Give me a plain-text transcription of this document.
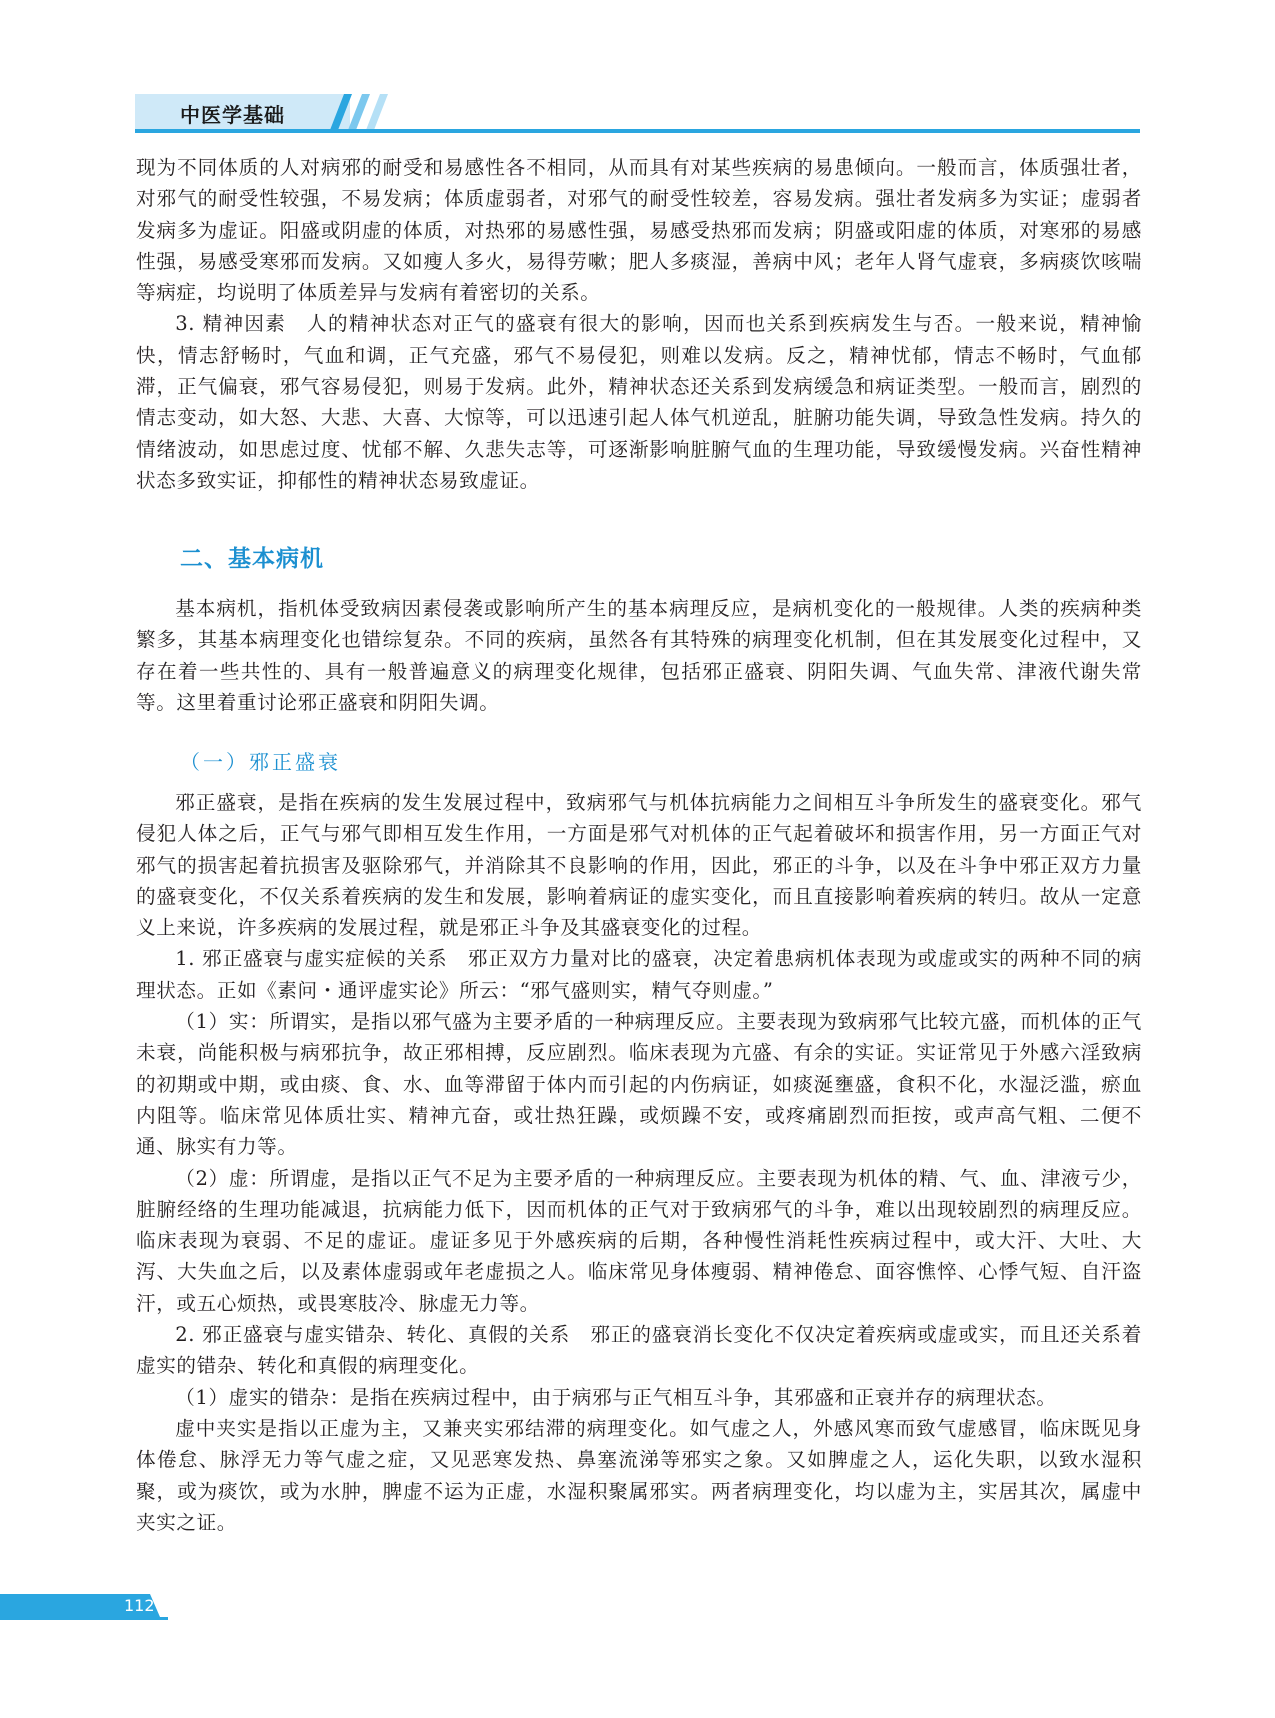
中医学基础

现为不同体质的人对病邪的耐受和易感性各不相同，从而具有对某些疾病的易患倾向。一般而言，体质强壮者，对邪气的耐受性较强，不易发病；体质虚弱者，对邪气的耐受性较差，容易发病。强壮者发病多为实证；虚弱者发病多为虚证。阳盛或阴虚的体质，对热邪的易感性强，易感受热邪而发病；阴盛或阳虚的体质，对寒邪的易感性强，易感受寒邪而发病。又如瘦人多火，易得劳嗽；肥人多痰湿，善病中风；老年人肾气虚衰，多病痰饮咳喘等病症，均说明了体质差异与发病有着密切的关系。

3. 精神因素　人的精神状态对正气的盛衰有很大的影响，因而也关系到疾病发生与否。一般来说，精神愉快，情志舒畅时，气血和调，正气充盛，邪气不易侵犯，则难以发病。反之，精神忧郁，情志不畅时，气血郁滞，正气偏衰，邪气容易侵犯，则易于发病。此外，精神状态还关系到发病缓急和病证类型。一般而言，剧烈的情志变动，如大怒、大悲、大喜、大惊等，可以迅速引起人体气机逆乱，脏腑功能失调，导致急性发病。持久的情绪波动，如思虑过度、忧郁不解、久悲失志等，可逐渐影响脏腑气血的生理功能，导致缓慢发病。兴奋性精神状态多致实证，抑郁性的精神状态易致虚证。

二、基本病机

基本病机，指机体受致病因素侵袭或影响所产生的基本病理反应，是病机变化的一般规律。人类的疾病种类繁多，其基本病理变化也错综复杂。不同的疾病，虽然各有其特殊的病理变化机制，但在其发展变化过程中，又存在着一些共性的、具有一般普遍意义的病理变化规律，包括邪正盛衰、阴阳失调、气血失常、津液代谢失常等。这里着重讨论邪正盛衰和阴阳失调。

（一）邪正盛衰

邪正盛衰，是指在疾病的发生发展过程中，致病邪气与机体抗病能力之间相互斗争所发生的盛衰变化。邪气侵犯人体之后，正气与邪气即相互发生作用，一方面是邪气对机体的正气起着破坏和损害作用，另一方面正气对邪气的损害起着抗损害及驱除邪气，并消除其不良影响的作用，因此，邪正的斗争，以及在斗争中邪正双方力量的盛衰变化，不仅关系着疾病的发生和发展，影响着病证的虚实变化，而且直接影响着疾病的转归。故从一定意义上来说，许多疾病的发展过程，就是邪正斗争及其盛衰变化的过程。

1. 邪正盛衰与虚实症候的关系　邪正双方力量对比的盛衰，决定着患病机体表现为或虚或实的两种不同的病理状态。正如《素问・通评虚实论》所云：“邪气盛则实，精气夺则虚。”

（1）实：所谓实，是指以邪气盛为主要矛盾的一种病理反应。主要表现为致病邪气比较亢盛，而机体的正气未衰，尚能积极与病邪抗争，故正邪相搏，反应剧烈。临床表现为亢盛、有余的实证。实证常见于外感六淫致病的初期或中期，或由痰、食、水、血等滞留于体内而引起的内伤病证，如痰涎壅盛，食积不化，水湿泛滥，瘀血内阻等。临床常见体质壮实、精神亢奋，或壮热狂躁，或烦躁不安，或疼痛剧烈而拒按，或声高气粗、二便不通、脉实有力等。

（2）虚：所谓虚，是指以正气不足为主要矛盾的一种病理反应。主要表现为机体的精、气、血、津液亏少，脏腑经络的生理功能减退，抗病能力低下，因而机体的正气对于致病邪气的斗争，难以出现较剧烈的病理反应。临床表现为衰弱、不足的虚证。虚证多见于外感疾病的后期，各种慢性消耗性疾病过程中，或大汗、大吐、大泻、大失血之后，以及素体虚弱或年老虚损之人。临床常见身体瘦弱、精神倦怠、面容憔悴、心悸气短、自汗盗汗，或五心烦热，或畏寒肢冷、脉虚无力等。

2. 邪正盛衰与虚实错杂、转化、真假的关系　邪正的盛衰消长变化不仅决定着疾病或虚或实，而且还关系着虚实的错杂、转化和真假的病理变化。

（1）虚实的错杂：是指在疾病过程中，由于病邪与正气相互斗争，其邪盛和正衰并存的病理状态。

虚中夹实是指以正虚为主，又兼夹实邪结滞的病理变化。如气虚之人，外感风寒而致气虚感冒，临床既见身体倦怠、脉浮无力等气虚之症，又见恶寒发热、鼻塞流涕等邪实之象。又如脾虚之人，运化失职，以致水湿积聚，或为痰饮，或为水肿，脾虚不运为正虚，水湿积聚属邪实。两者病理变化，均以虚为主，实居其次，属虚中夹实之证。

112
